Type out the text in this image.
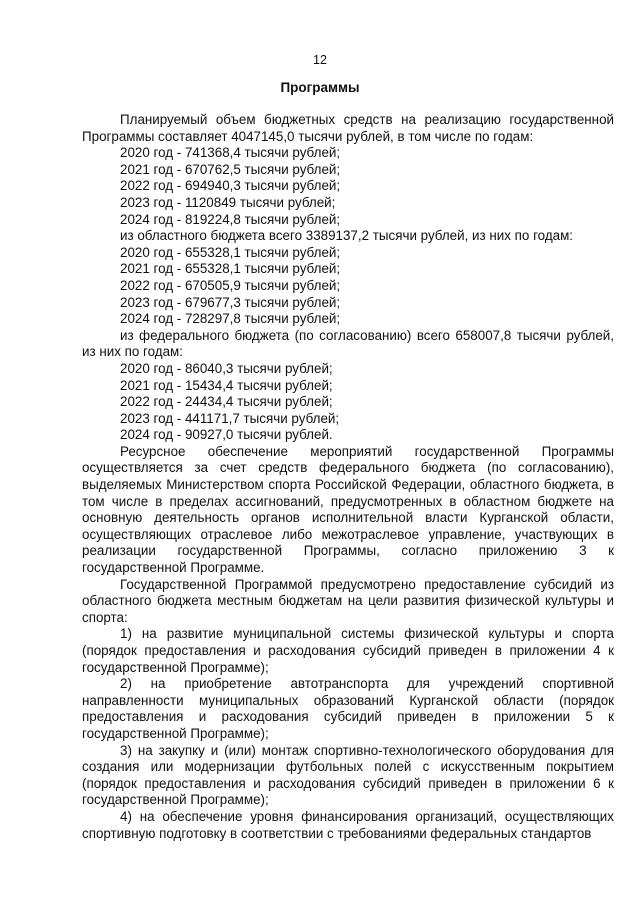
12
Программы

Планируемый объем бюджетных средств на реализацию государственной Программы составляет 4047145,0 тысячи рублей, в том числе по годам:

2020 год - 741368,4 тысячи рублей;

2021 год - 670762,5 тысячи рублей;

2022 год - 694940,3 тысячи рублей;

2023 год - 1120849 тысячи рублей;

2024 год - 819224,8 тысячи рублей;

из областного бюджета всего 3389137,2 тысячи рублей, из них по годам:

2020 год - 655328,1 тысячи рублей;

2021 год - 655328,1 тысячи рублей;

2022 год - 670505,9 тысячи рублей;

2023 год - 679677,3 тысячи рублей;

2024 год - 728297,8 тысячи рублей;

из федерального бюджета (по согласованию) всего 658007,8 тысячи рублей, из них по годам:

2020 год - 86040,3 тысячи рублей;

2021 год - 15434,4 тысячи рублей;

2022 год - 24434,4 тысячи рублей;

2023 год - 441171,7 тысячи рублей;

2024 год - 90927,0 тысячи рублей.

Ресурсное обеспечение мероприятий государственной Программы осуществляется за счет средств федерального бюджета (по согласованию), выделяемых Министерством спорта Российской Федерации, областного бюджета, в том числе в пределах ассигнований, предусмотренных в областном бюджете на основную деятельность органов исполнительной власти Курганской области, осуществляющих отраслевое либо межотраслевое управление, участвующих в реализации государственной Программы, согласно приложению 3 к государственной Программе.

Государственной Программой предусмотрено предоставление субсидий из областного бюджета местным бюджетам на цели развития физической культуры и спорта:

1) на развитие муниципальной системы физической культуры и спорта (порядок предоставления и расходования субсидий приведен в приложении 4 к государственной Программе);

2) на приобретение автотранспорта для учреждений спортивной направленности муниципальных образований Курганской области (порядок предоставления и расходования субсидий приведен в приложении 5 к государственной Программе);

3) на закупку и (или) монтаж спортивно-технологического оборудования для создания или модернизации футбольных полей с искусственным покрытием (порядок предоставления и расходования субсидий приведен в приложении 6 к государственной Программе);

4) на обеспечение уровня финансирования организаций, осуществляющих спортивную подготовку в соответствии с требованиями федеральных стандартов
